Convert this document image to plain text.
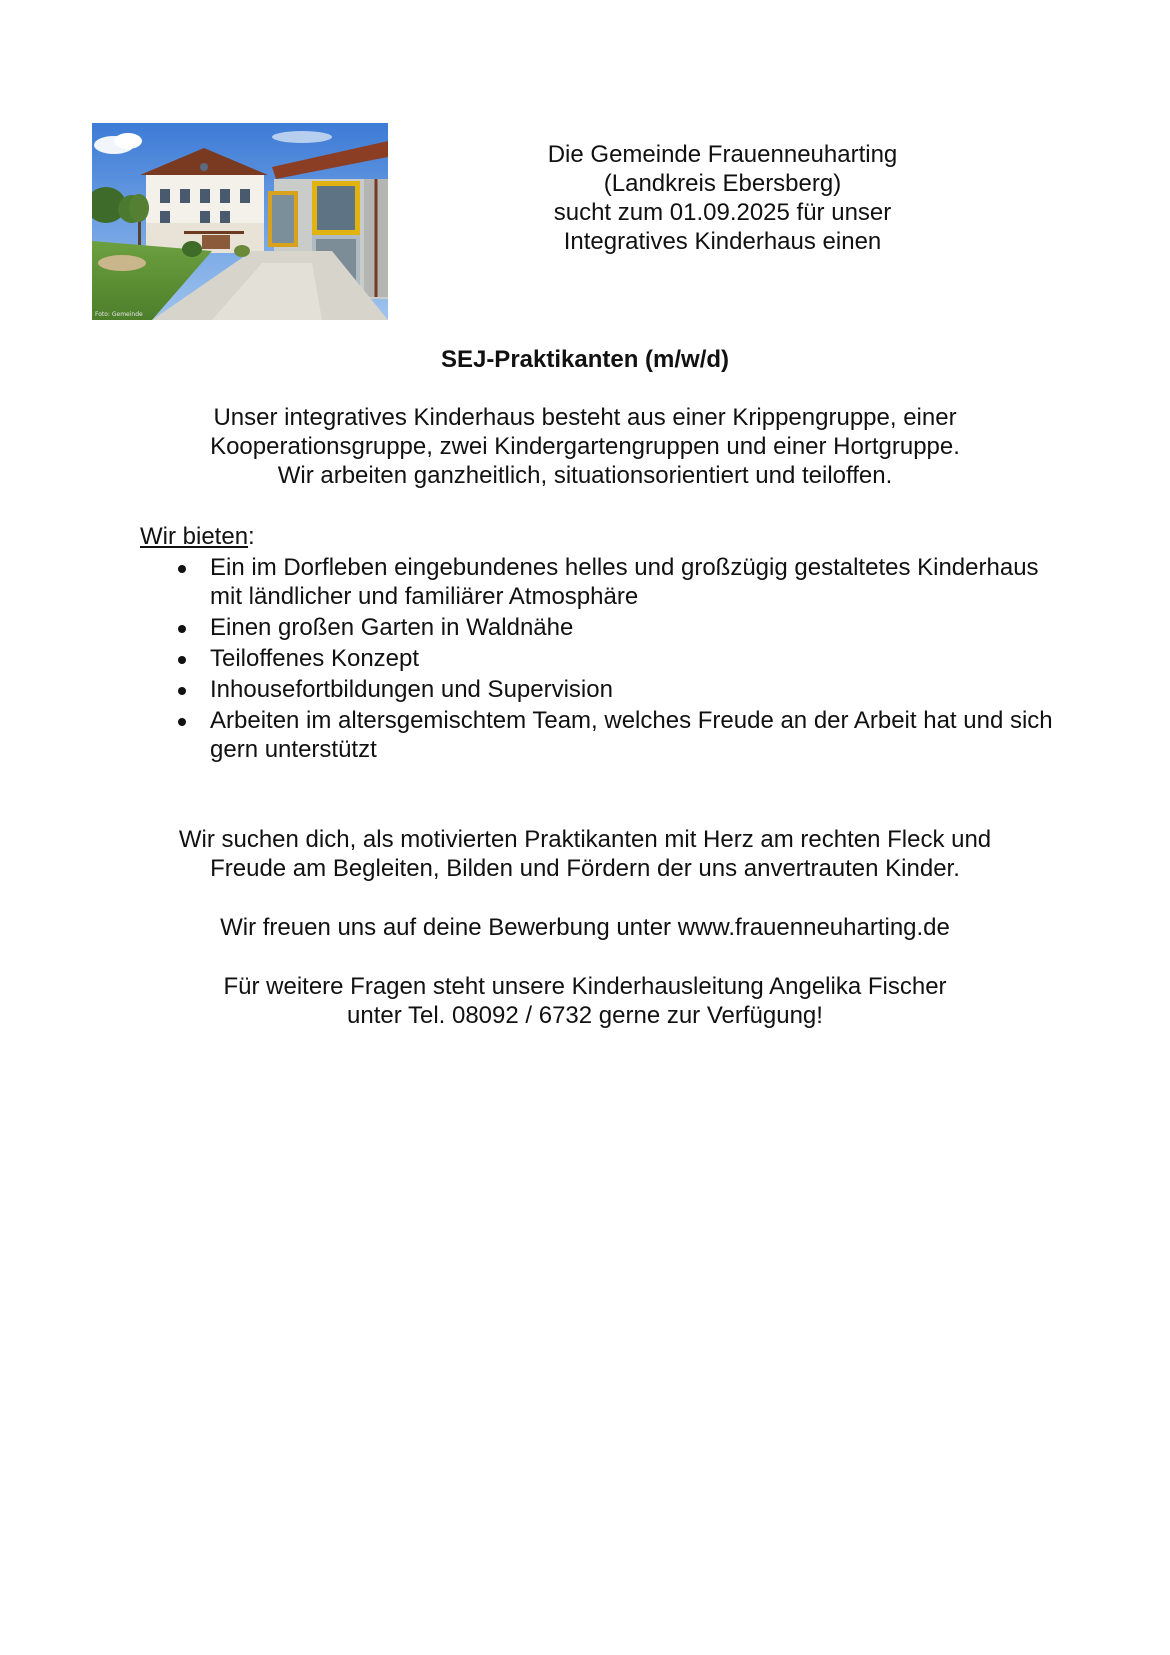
Foto: Gemeinde
Die Gemeinde Frauenneuharting
(Landkreis Ebersberg)
sucht zum 01.09.2025 für unser
Integratives Kinderhaus einen
SEJ-Praktikanten (m/w/d)
Unser integratives Kinderhaus besteht aus einer Krippengruppe, einer
Kooperationsgruppe, zwei Kindergartengruppen und einer Hortgruppe.
Wir arbeiten ganzheitlich, situationsorientiert und teiloffen.
Wir bieten:
Ein im Dorfleben eingebundenes helles und großzügig gestaltetes Kinderhaus mit ländlicher und familiärer Atmosphäre
Einen großen Garten in Waldnähe
Teiloffenes Konzept
Inhousefortbildungen und Supervision
Arbeiten im altersgemischtem Team, welches Freude an der Arbeit hat und sich gern unterstützt
Wir suchen dich, als motivierten Praktikanten mit Herz am rechten Fleck und
Freude am Begleiten, Bilden und Fördern der uns anvertrauten Kinder.
Wir freuen uns auf deine Bewerbung unter www.frauenneuharting.de
Für weitere Fragen steht unsere Kinderhausleitung Angelika Fischer
unter Tel. 08092 / 6732 gerne zur Verfügung!
